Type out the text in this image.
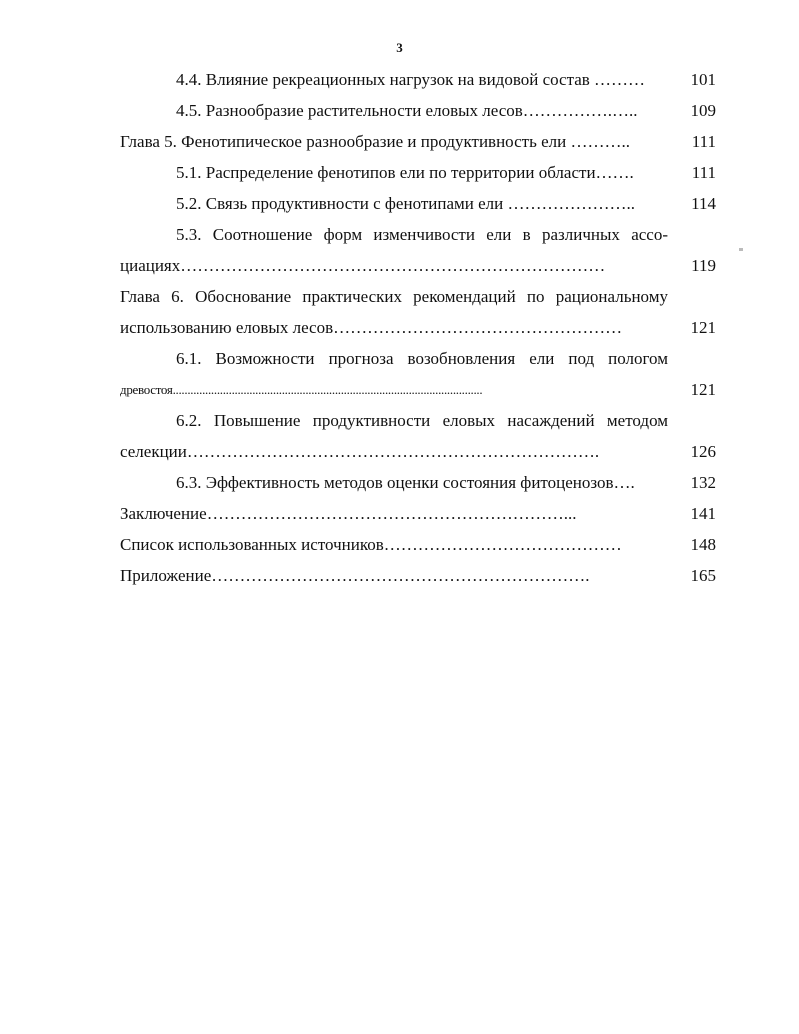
3
4.4. Влияние рекреационных нагрузок на видовой состав ………	101
4.5. Разнообразие растительности еловых лесов…………….…..	109
Глава 5. Фенотипическое разнообразие и продуктивность ели ………..	111
5.1. Распределение фенотипов ели по территории области…….	111
5.2. Связь продуктивности с фенотипами ели …………………..	114
5.3. Соотношение форм изменчивости ели в различных ассо-
циациях…………………………………………………………………	119
Глава 6. Обоснование практических рекомендаций по рациональному
использованию еловых лесов……………………………………………	121
6.1. Возможности прогноза возобновления ели под пологом
древостоя.........................................................................................................	121
6.2. Повышение продуктивности еловых насаждений методом
селекции……………………………………………………………….	126
6.3. Эффективность методов оценки состояния фитоценозов….	132
Заключение………………………………………………………...	141
Список использованных источников……………………………………	148
Приложение………………………………………………………….	165
